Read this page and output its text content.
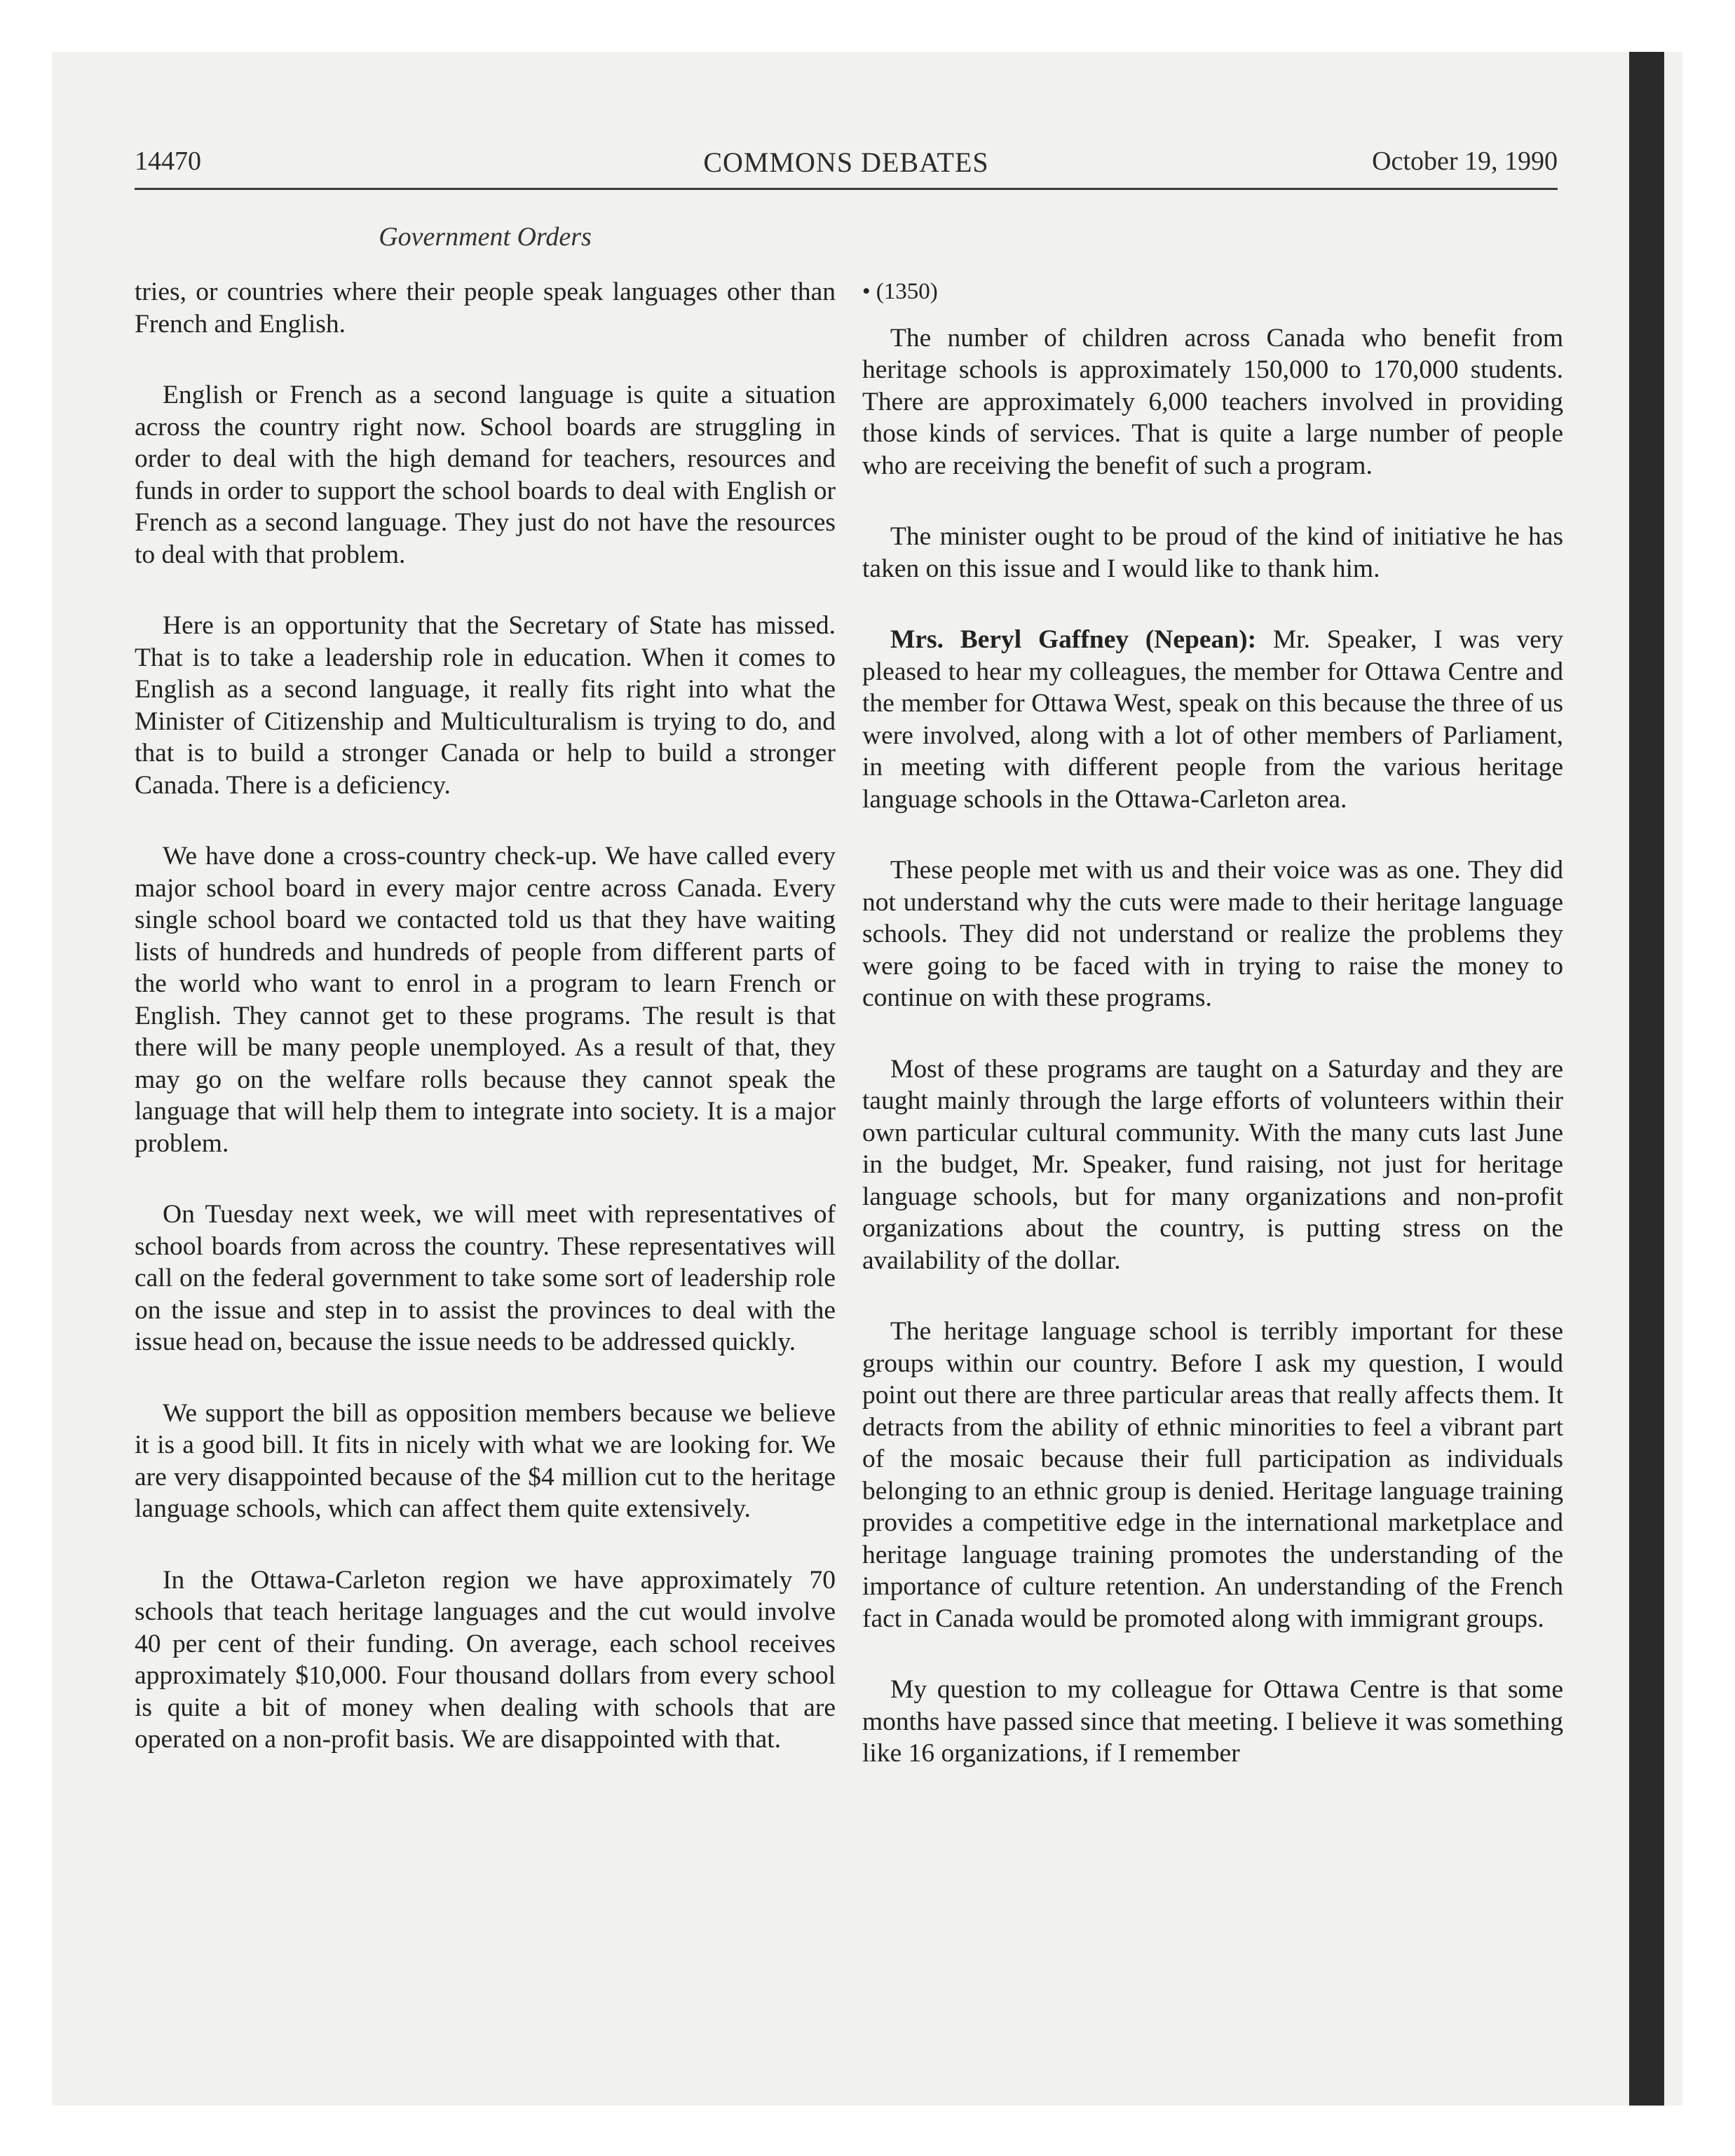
14470	COMMONS DEBATES	October 19, 1990
Government Orders

tries, or countries where their people speak languages other than French and English.

English or French as a second language is quite a situation across the country right now. School boards are struggling in order to deal with the high demand for teachers, resources and funds in order to support the school boards to deal with English or French as a second language. They just do not have the resources to deal with that problem.

Here is an opportunity that the Secretary of State has missed. That is to take a leadership role in education. When it comes to English as a second language, it really fits right into what the Minister of Citizenship and Multiculturalism is trying to do, and that is to build a stronger Canada or help to build a stronger Canada. There is a deficiency.

We have done a cross-country check-up. We have called every major school board in every major centre across Canada. Every single school board we contacted told us that they have waiting lists of hundreds and hundreds of people from different parts of the world who want to enrol in a program to learn French or English. They cannot get to these programs. The result is that there will be many people unemployed. As a result of that, they may go on the welfare rolls because they cannot speak the language that will help them to integrate into society. It is a major problem.

On Tuesday next week, we will meet with representatives of school boards from across the country. These representatives will call on the federal government to take some sort of leadership role on the issue and step in to assist the provinces to deal with the issue head on, because the issue needs to be addressed quickly.

We support the bill as opposition members because we believe it is a good bill. It fits in nicely with what we are looking for. We are very disappointed because of the $4 million cut to the heritage language schools, which can affect them quite extensively.

In the Ottawa-Carleton region we have approximately 70 schools that teach heritage languages and the cut would involve 40 per cent of their funding. On average, each school receives approximately $10,000. Four thousand dollars from every school is quite a bit of money when dealing with schools that are operated on a non-profit basis. We are disappointed with that.

• (1350)

The number of children across Canada who benefit from heritage schools is approximately 150,000 to 170,000 students. There are approximately 6,000 teachers involved in providing those kinds of services. That is quite a large number of people who are receiving the benefit of such a program.

The minister ought to be proud of the kind of initiative he has taken on this issue and I would like to thank him.

Mrs. Beryl Gaffney (Nepean): Mr. Speaker, I was very pleased to hear my colleagues, the member for Ottawa Centre and the member for Ottawa West, speak on this because the three of us were involved, along with a lot of other members of Parliament, in meeting with different people from the various heritage language schools in the Ottawa-Carleton area.

These people met with us and their voice was as one. They did not understand why the cuts were made to their heritage language schools. They did not understand or realize the problems they were going to be faced with in trying to raise the money to continue on with these programs.

Most of these programs are taught on a Saturday and they are taught mainly through the large efforts of volunteers within their own particular cultural community. With the many cuts last June in the budget, Mr. Speaker, fund raising, not just for heritage language schools, but for many organizations and non-profit organizations about the country, is putting stress on the availability of the dollar.

The heritage language school is terribly important for these groups within our country. Before I ask my question, I would point out there are three particular areas that really affects them. It detracts from the ability of ethnic minorities to feel a vibrant part of the mosaic because their full participation as individuals belonging to an ethnic group is denied. Heritage language training provides a competitive edge in the international marketplace and heritage language training promotes the understanding of the importance of culture retention. An understanding of the French fact in Canada would be promoted along with immigrant groups.

My question to my colleague for Ottawa Centre is that some months have passed since that meeting. I believe it was something like 16 organizations, if I remember
